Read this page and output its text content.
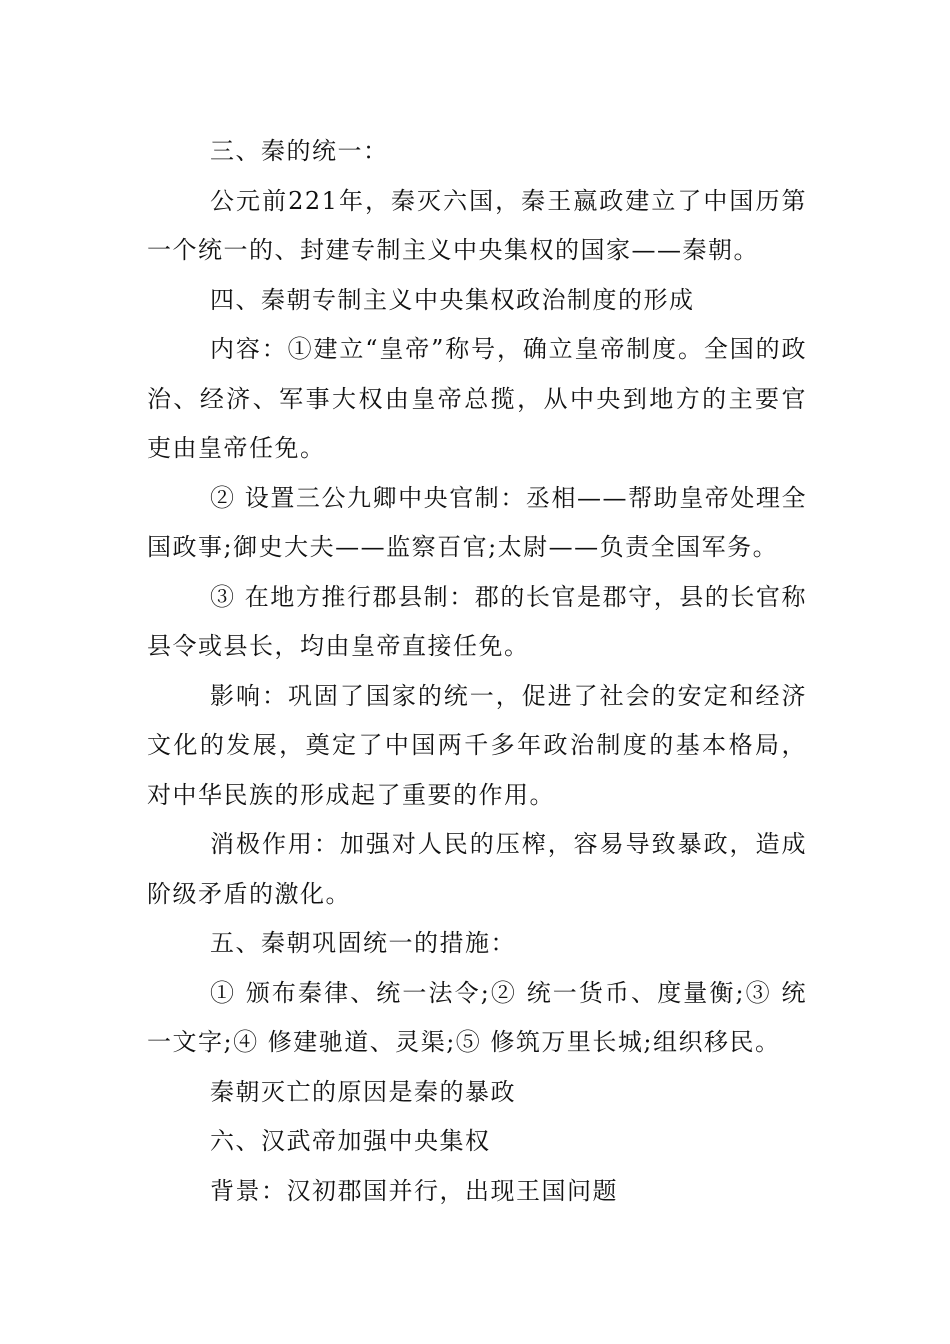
三、秦的统一：

公元前221年，秦灭六国，秦王嬴政建立了中国历第一个统一的、封建专制主义中央集权的国家——秦朝。

四、秦朝专制主义中央集权政治制度的形成

内容：①建立“皇帝”称号，确立皇帝制度。全国的政治、经济、军事大权由皇帝总揽，从中央到地方的主要官吏由皇帝任免。

② 设置三公九卿中央官制：丞相——帮助皇帝处理全国政事;御史大夫——监察百官;太尉——负责全国军务。

③ 在地方推行郡县制：郡的长官是郡守，县的长官称县令或县长，均由皇帝直接任免。

影响：巩固了国家的统一，促进了社会的安定和经济文化的发展，奠定了中国两千多年政治制度的基本格局，对中华民族的形成起了重要的作用。

消极作用：加强对人民的压榨，容易导致暴政，造成阶级矛盾的激化。

五、秦朝巩固统一的措施：

① 颁布秦律、统一法令;② 统一货币、度量衡;③ 统一文字;④ 修建驰道、灵渠;⑤ 修筑万里长城;组织移民。

秦朝灭亡的原因是秦的暴政

六、汉武帝加强中央集权

背景：汉初郡国并行，出现王国问题
